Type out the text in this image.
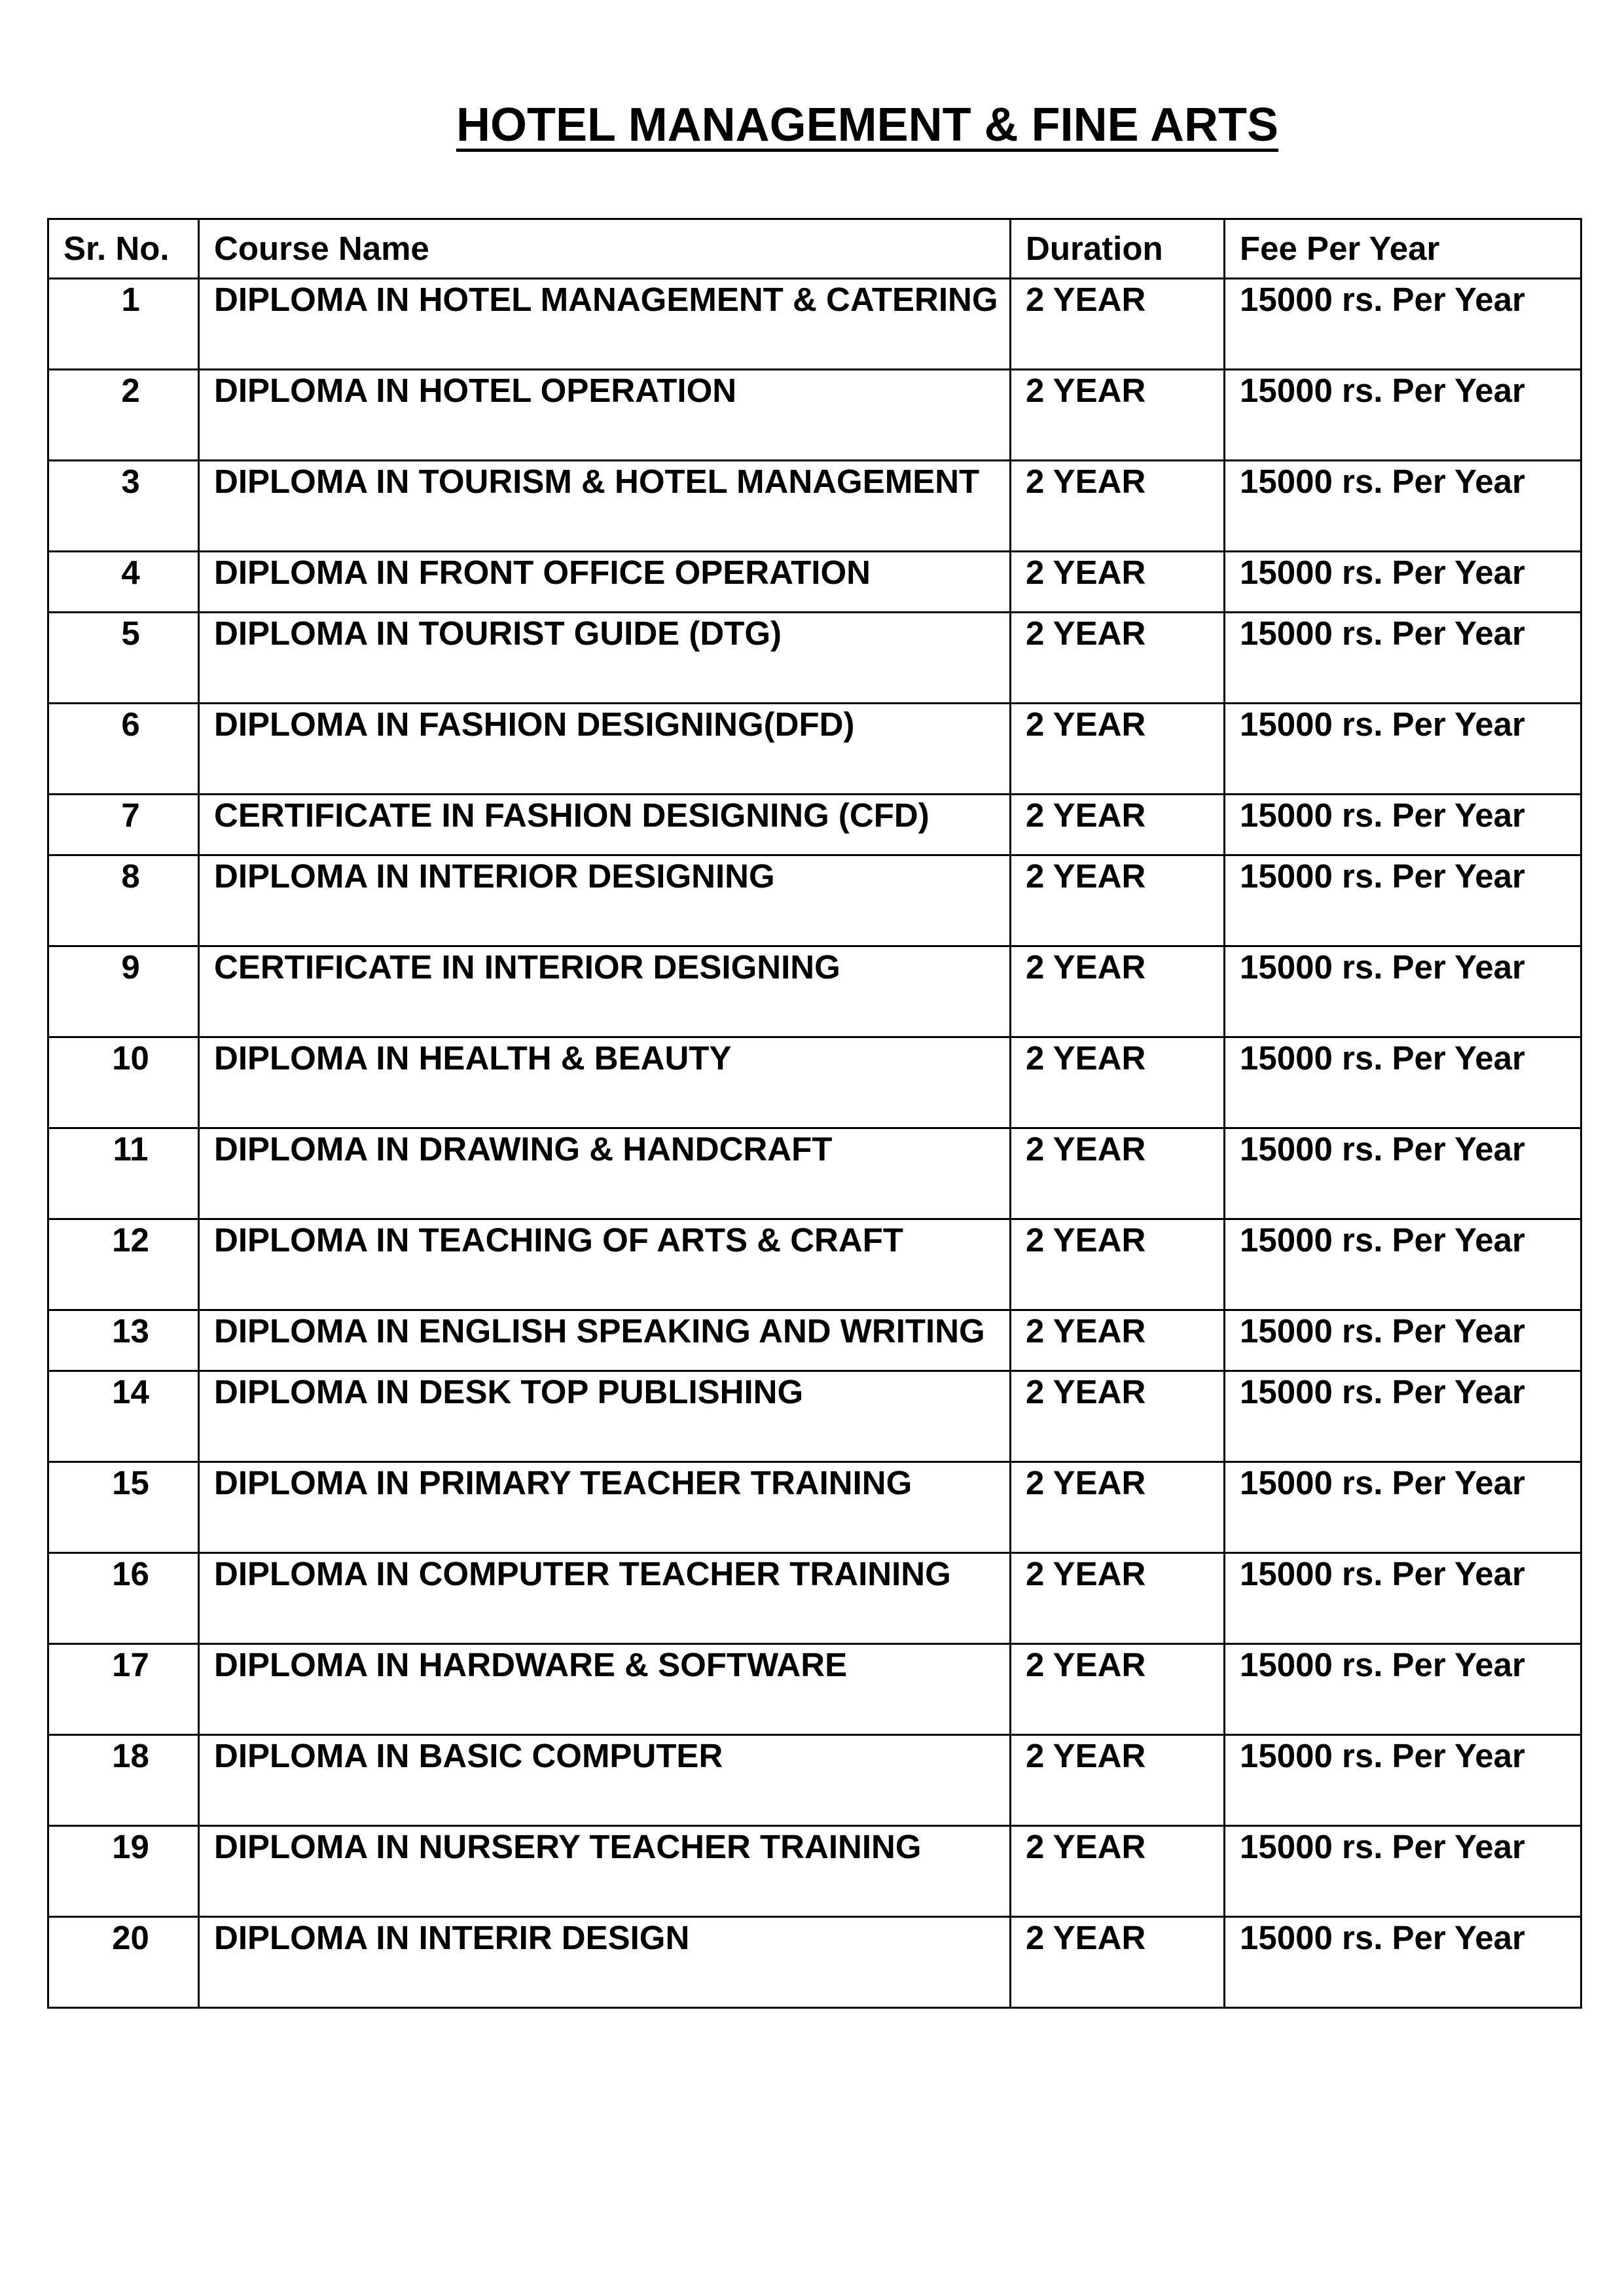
HOTEL MANAGEMENT & FINE ARTS
Sr. No.	Course Name	Duration	Fee Per Year
1	DIPLOMA IN HOTEL MANAGEMENT & CATERING	2 YEAR	15000 rs. Per Year
2	DIPLOMA IN HOTEL OPERATION	2 YEAR	15000 rs. Per Year
3	DIPLOMA IN TOURISM & HOTEL MANAGEMENT	2 YEAR	15000 rs. Per Year
4	DIPLOMA IN FRONT OFFICE OPERATION	2 YEAR	15000 rs. Per Year
5	DIPLOMA IN TOURIST GUIDE (DTG)	2 YEAR	15000 rs. Per Year
6	DIPLOMA IN FASHION DESIGNING(DFD)	2 YEAR	15000 rs. Per Year
7	CERTIFICATE IN FASHION DESIGNING (CFD)	2 YEAR	15000 rs. Per Year
8	DIPLOMA IN INTERIOR DESIGNING	2 YEAR	15000 rs. Per Year
9	CERTIFICATE IN INTERIOR DESIGNING	2 YEAR	15000 rs. Per Year
10	DIPLOMA IN HEALTH & BEAUTY	2 YEAR	15000 rs. Per Year
11	DIPLOMA IN DRAWING & HANDCRAFT	2 YEAR	15000 rs. Per Year
12	DIPLOMA IN TEACHING OF ARTS & CRAFT	2 YEAR	15000 rs. Per Year
13	DIPLOMA IN ENGLISH SPEAKING AND WRITING	2 YEAR	15000 rs. Per Year
14	DIPLOMA IN DESK TOP PUBLISHING	2 YEAR	15000 rs. Per Year
15	DIPLOMA IN PRIMARY TEACHER TRAINING	2 YEAR	15000 rs. Per Year
16	DIPLOMA IN COMPUTER TEACHER TRAINING	2 YEAR	15000 rs. Per Year
17	DIPLOMA IN HARDWARE & SOFTWARE	2 YEAR	15000 rs. Per Year
18	DIPLOMA IN BASIC COMPUTER	2 YEAR	15000 rs. Per Year
19	DIPLOMA IN NURSERY TEACHER TRAINING	2 YEAR	15000 rs. Per Year
20	DIPLOMA IN INTERIR DESIGN	2 YEAR	15000 rs. Per Year
